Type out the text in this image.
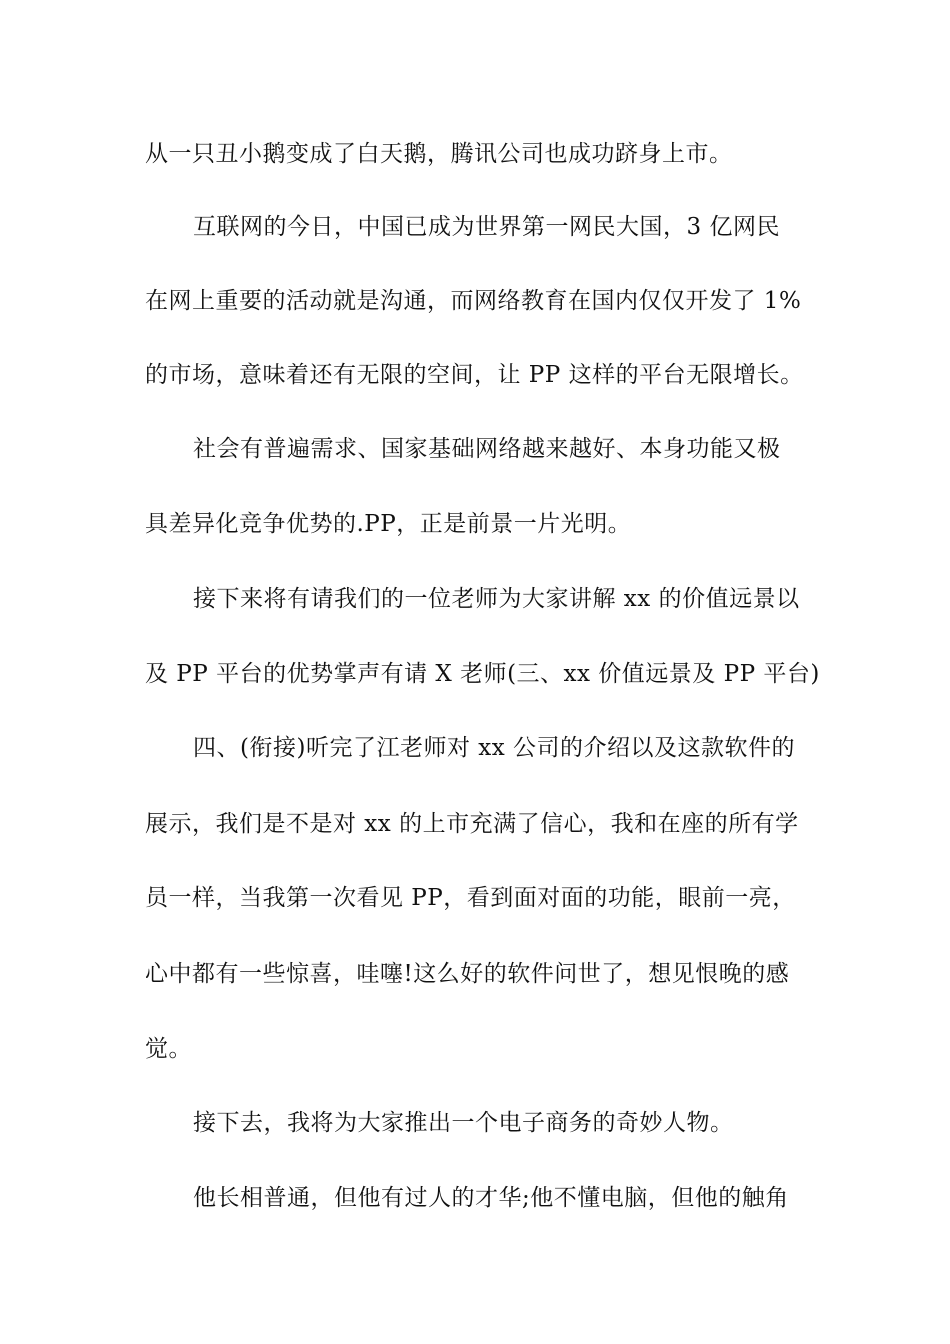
从一只丑小鹅变成了白天鹅，腾讯公司也成功跻身上市。

互联网的今日，中国已成为世界第一网民大国，3 亿网民

在网上重要的活动就是沟通，而网络教育在国内仅仅开发了 1%

的市场，意味着还有无限的空间，让 PP 这样的平台无限增长。

社会有普遍需求、国家基础网络越来越好、本身功能又极

具差异化竞争优势的.PP，正是前景一片光明。

接下来将有请我们的一位老师为大家讲解 xx 的价值远景以

及 PP 平台的优势掌声有请 X 老师(三、xx 价值远景及 PP 平台)

四、(衔接)听完了江老师对 xx 公司的介绍以及这款软件的

展示，我们是不是对 xx 的上市充满了信心，我和在座的所有学

员一样，当我第一次看见 PP，看到面对面的功能，眼前一亮，

心中都有一些惊喜，哇噻!这么好的软件问世了，想见恨晚的感

觉。

接下去，我将为大家推出一个电子商务的奇妙人物。

他长相普通，但他有过人的才华;他不懂电脑，但他的触角
